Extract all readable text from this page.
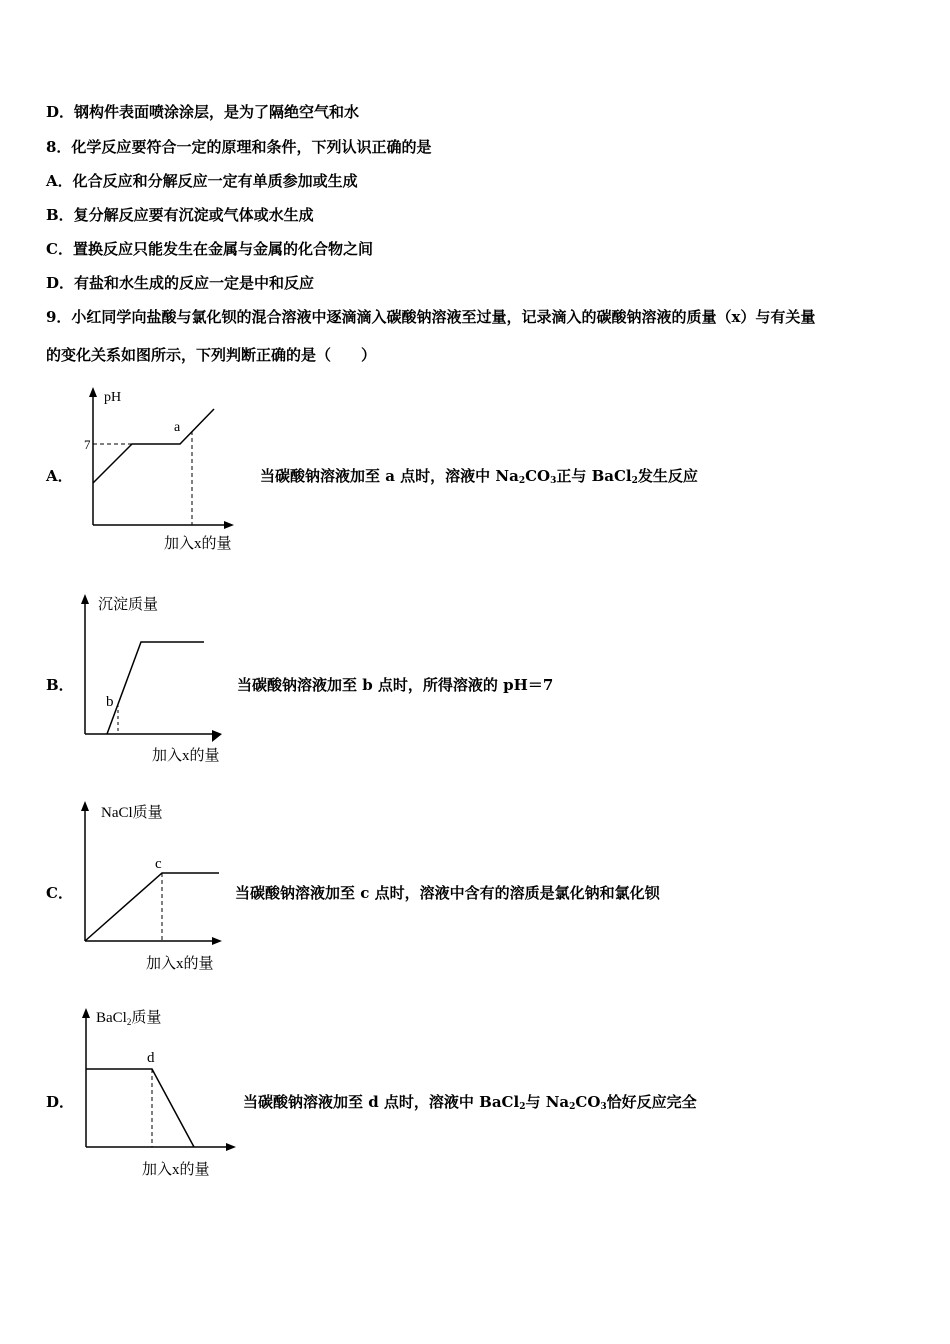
D．钢构件表面喷涂涂层，是为了隔绝空气和水
8．化学反应要符合一定的原理和条件，下列认识正确的是
A．化合反应和分解反应一定有单质参加或生成
B．复分解反应要有沉淀或气体或水生成
C．置换反应只能发生在金属与金属的化合物之间
D．有盐和水生成的反应一定是中和反应
9．小红同学向盐酸与氯化钡的混合溶液中逐滴滴入碳酸钠溶液至过量，记录滴入的碳酸钠溶液的质量（x）与有关量
的变化关系如图所示，下列判断正确的是（　　）
A．
pH
7
a
加入x的量
当碳酸钠溶液加至 a 点时，溶液中 $Na_2CO_3$正与 BaCl$_2$发生反应
B．
沉淀质量
b
加入x的量
当碳酸钠溶液加至 b 点时，所得溶液的 pH＝7
C．
NaCl质量
c
加入x的量
当碳酸钠溶液加至 c 点时，溶液中含有的溶质是氯化钠和氯化钡
D．
BaCl$_2$质量
d
加入x的量
当碳酸钠溶液加至 d 点时，溶液中 BaCl$_2$与 $Na_2CO_3$恰好反应完全
